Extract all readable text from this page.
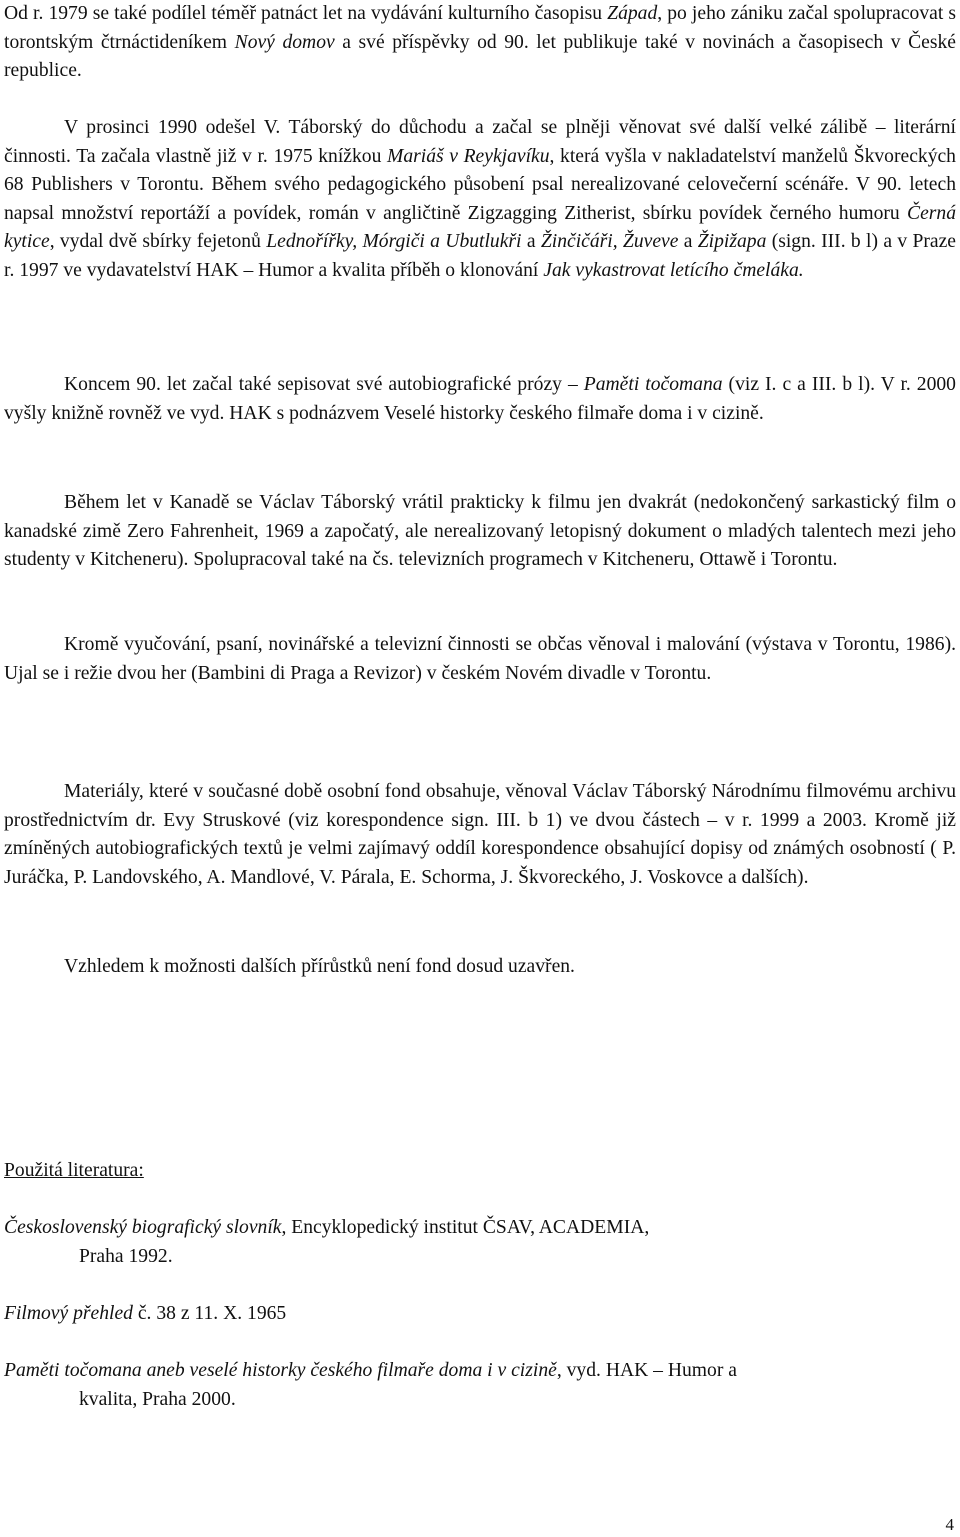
Od r. 1979 se také podílel téměř patnáct let na vydávání kulturního časopisu Západ, po jeho zániku začal spolupracovat s torontským čtrnáctideníkem Nový domov a své příspěvky od 90. let publikuje také v novinách a časopisech v České republice.

V prosinci 1990 odešel V. Táborský do důchodu a začal se plněji věnovat své další velké zálibě – literární činnosti. Ta začala vlastně již v r. 1975 knížkou Mariáš v Reykjavíku, která vyšla v nakladatelství manželů Škvoreckých 68 Publishers v Torontu. Během svého pedagogického působení psal nerealizované celovečerní scénáře. V 90. letech napsal množství reportáží a povídek, román v angličtině Zigzagging Zitherist, sbírku povídek černého humoru Černá kytice, vydal dvě sbírky fejetonů Lednořířky, Mórgiči a Ubutlukři a Žinčičáři, Žuveve a Žipižapa (sign. III. b l) a v Praze r. 1997 ve vydavatelství HAK – Humor a kvalita příběh o klonování Jak vykastrovat letícího čmeláka.

Koncem 90. let začal také sepisovat své autobiografické prózy – Paměti točomana (viz I. c a III. b l). V r. 2000 vyšly knižně rovněž ve vyd. HAK s podnázvem Veselé historky českého filmaře doma i v cizině.

Během let v Kanadě se Václav Táborský vrátil prakticky k filmu jen dvakrát (nedokončený sarkastický film o kanadské zimě Zero Fahrenheit, 1969 a započatý, ale nerealizovaný letopisný dokument o mladých talentech mezi jeho studenty v Kitcheneru). Spolupracoval také na čs. televizních programech v Kitcheneru, Ottawě i Torontu.

Kromě vyučování, psaní, novinářské a televizní činnosti se občas věnoval i malování (výstava v Torontu, 1986). Ujal se i režie dvou her (Bambini di Praga a Revizor) v českém Novém divadle v Torontu.

Materiály, které v současné době osobní fond obsahuje, věnoval Václav Táborský Národnímu filmovému archivu prostřednictvím dr. Evy Struskové (viz korespondence sign. III. b 1) ve dvou částech – v r. 1999 a 2003. Kromě již zmíněných autobiografických textů je velmi zajímavý oddíl korespondence obsahující dopisy od známých osobností ( P. Juráčka, P. Landovského, A. Mandlové, V. Párala, E. Schorma, J. Škvoreckého, J. Voskovce a dalších).

Vzhledem k možnosti dalších přírůstků není fond dosud uzavřen.

Použitá literatura:
Československý biografický slovník, Encyklopedický institut ČSAV, ACADEMIA,
Praha 1992.
Filmový přehled č. 38 z 11. X. 1965
Paměti točomana aneb veselé historky českého filmaře doma i v cizině, vyd. HAK – Humor a
kvalita, Praha 2000.
4
